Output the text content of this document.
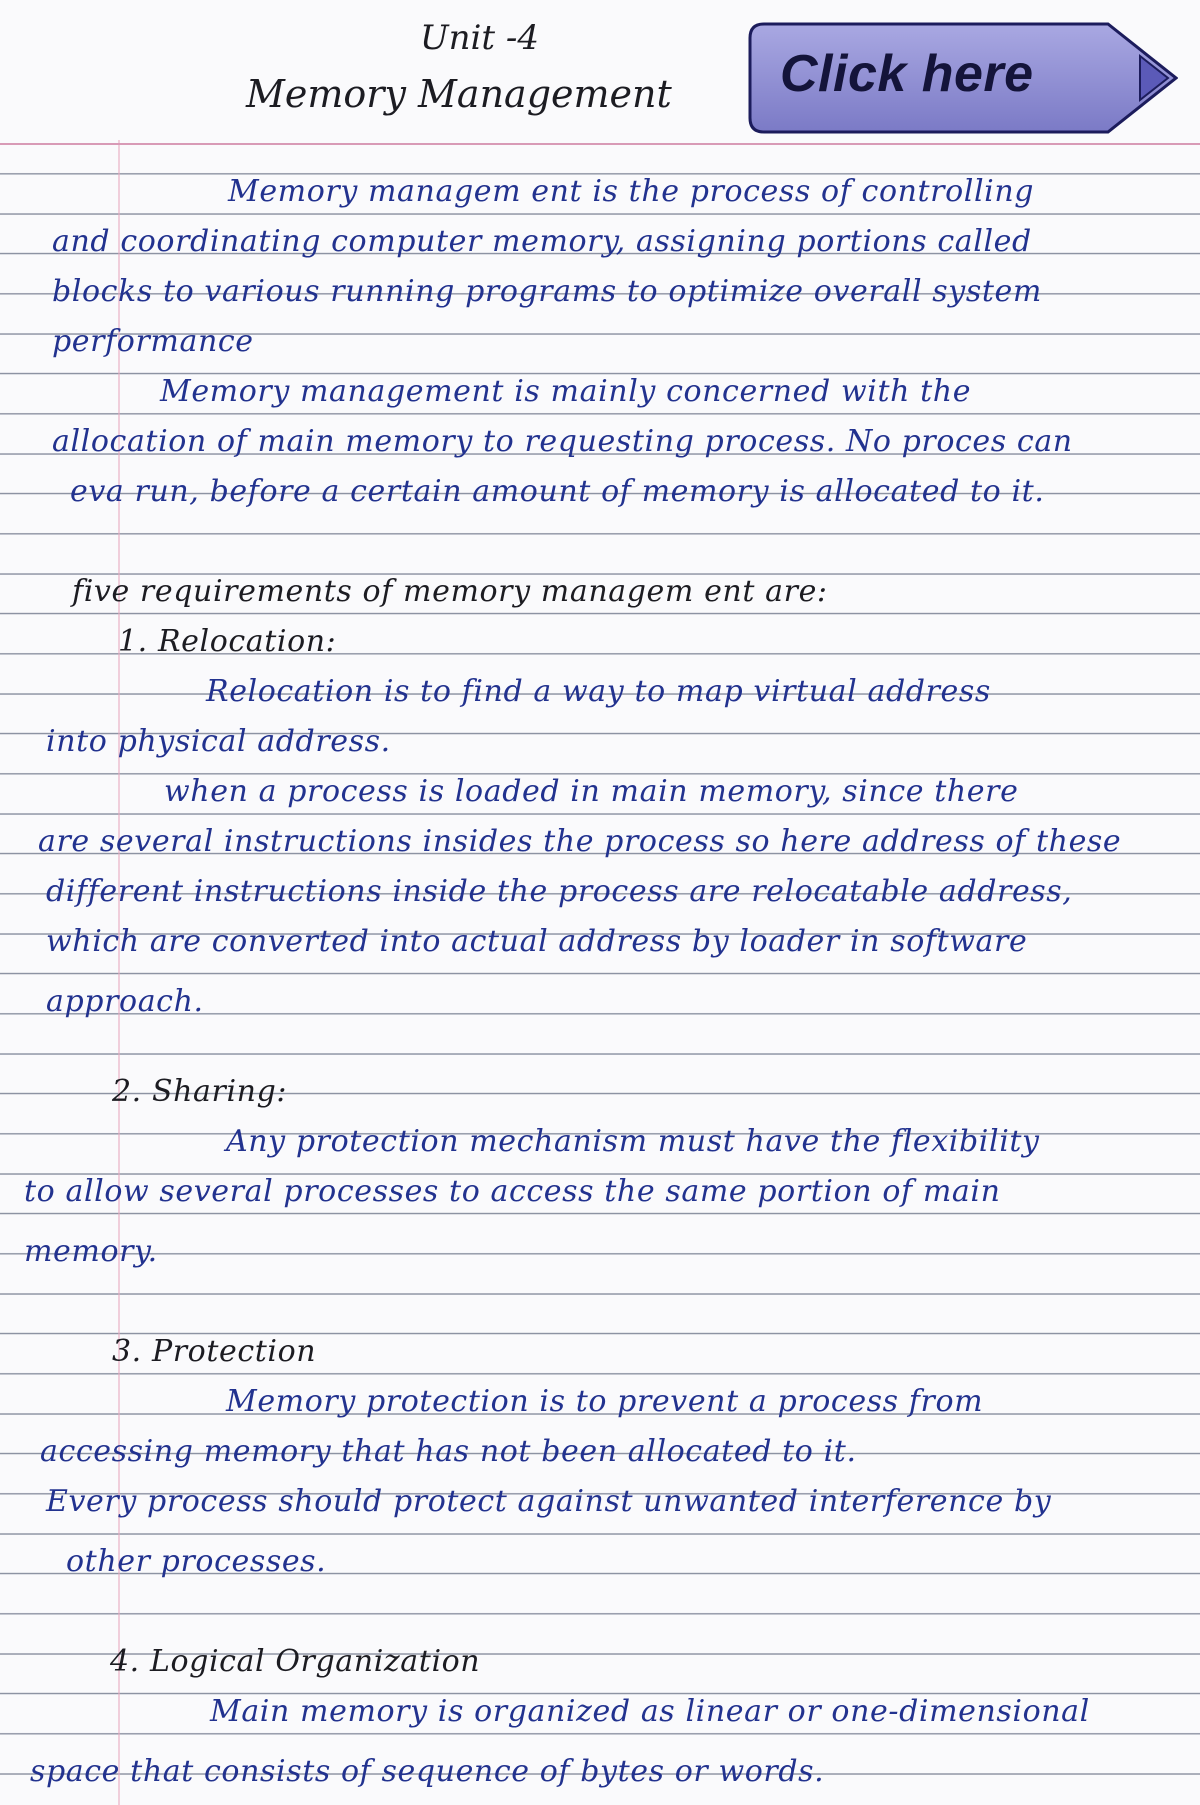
Unit -4
Memory Management Click here
Memory managem ent is the process of controlling
and coordinating computer memory, assigning portions called
blocks to various running programs to optimize overall system
performance
Memory management is mainly concerned with the
allocation of main memory to requesting process. No proces can
eva run, before a certain amount of memory is allocated to it.
five requirements of memory managem ent are:
1. Relocation:
Relocation is to find a way to map virtual address
into physical address.
when a process is loaded in main memory, since there
are several instructions insides the process so here address of these
different instructions inside the process are relocatable address,
which are converted into actual address by loader in software
approach.
2. Sharing:
Any protection mechanism must have the flexibility
to allow several processes to access the same portion of main
memory.
3. Protection
Memory protection is to prevent a process from
accessing memory that has not been allocated to it.
Every process should protect against unwanted interference by
other processes.
4. Logical Organization
Main memory is organized as linear or one-dimensional
space that consists of sequence of bytes or words.
